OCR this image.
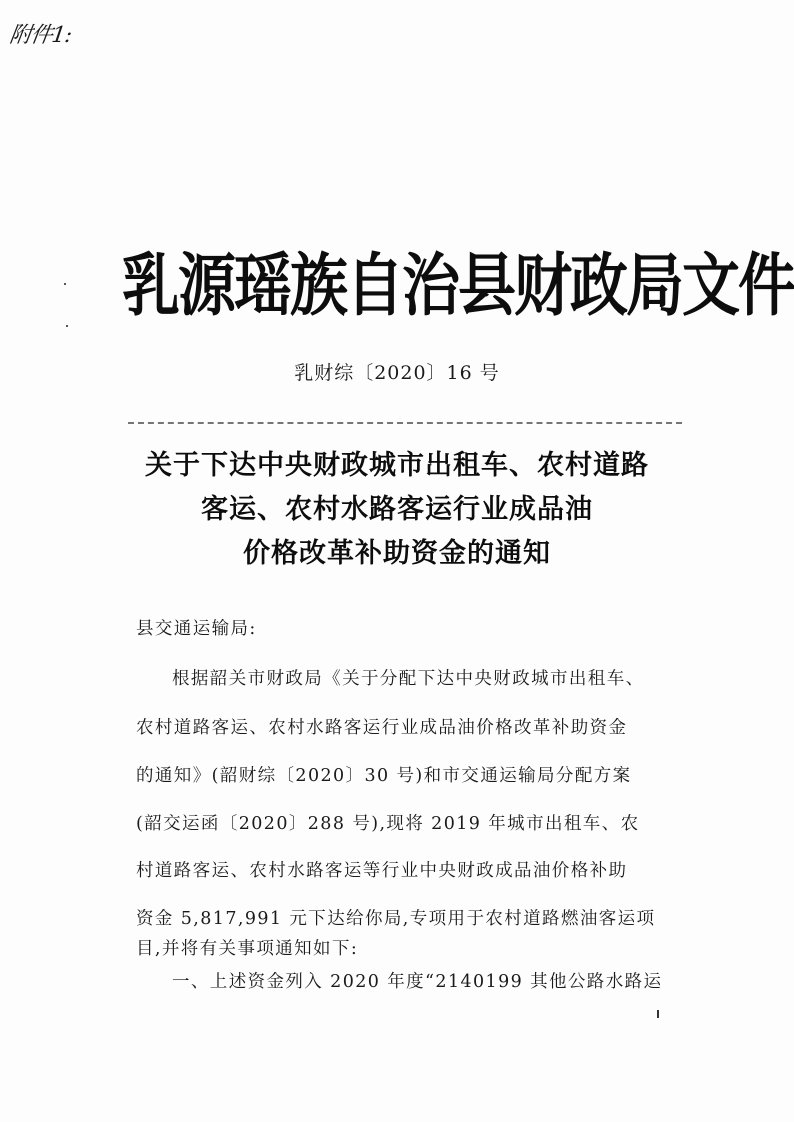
附件1:
乳源瑶族自治县财政局文件
乳财综〔2020〕16 号
关于下达中央财政城市出租车、农村道路
客运、农村水路客运行业成品油
价格改革补助资金的通知
县交通运输局:
根据韶关市财政局《关于分配下达中央财政城市出租车、
农村道路客运、农村水路客运行业成品油价格改革补助资金
的通知》(韶财综〔2020〕30 号)和市交通运输局分配方案
(韶交运函〔2020〕288 号),现将 2019 年城市出租车、农
村道路客运、农村水路客运等行业中央财政成品油价格补助
资金 5,817,991 元下达给你局,专项用于农村道路燃油客运项
目,并将有关事项通知如下:
一、上述资金列入 2020 年度“2140199 其他公路水路运
